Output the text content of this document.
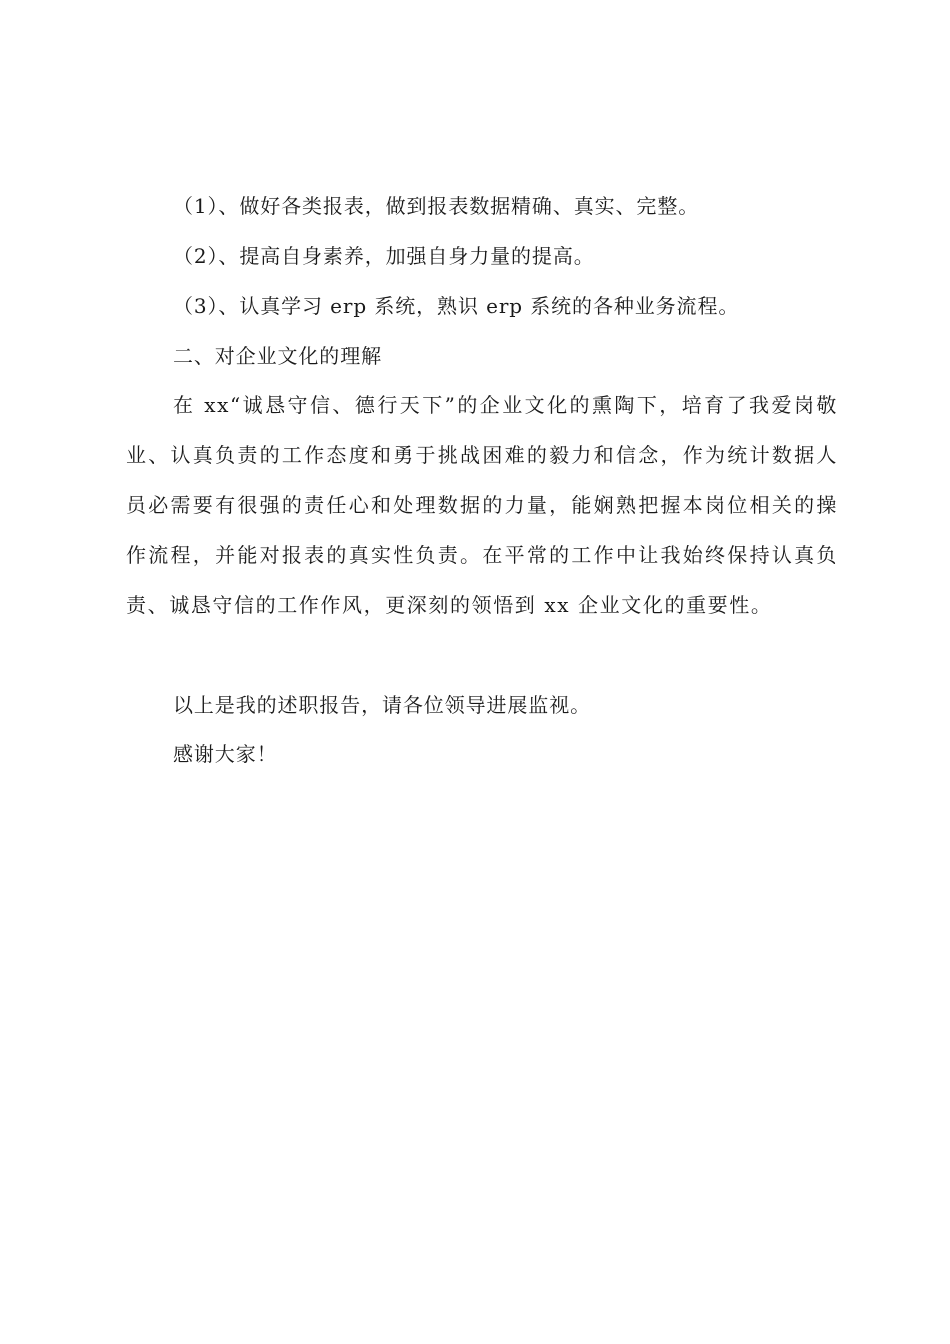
（1）、做好各类报表，做到报表数据精确、真实、完整。
（2）、提高自身素养，加强自身力量的提高。
（3）、认真学习 erp 系统，熟识 erp 系统的各种业务流程。
二、对企业文化的理解
在 xx“诚恳守信、德行天下”的企业文化的熏陶下，培育了我爱岗敬业、认真负责的工作态度和勇于挑战困难的毅力和信念，作为统计数据人员必需要有很强的责任心和处理数据的力量，能娴熟把握本岗位相关的操作流程，并能对报表的真实性负责。在平常的工作中让我始终保持认真负责、诚恳守信的工作作风，更深刻的领悟到 xx 企业文化的重要性。
以上是我的述职报告，请各位领导进展监视。
感谢大家！
